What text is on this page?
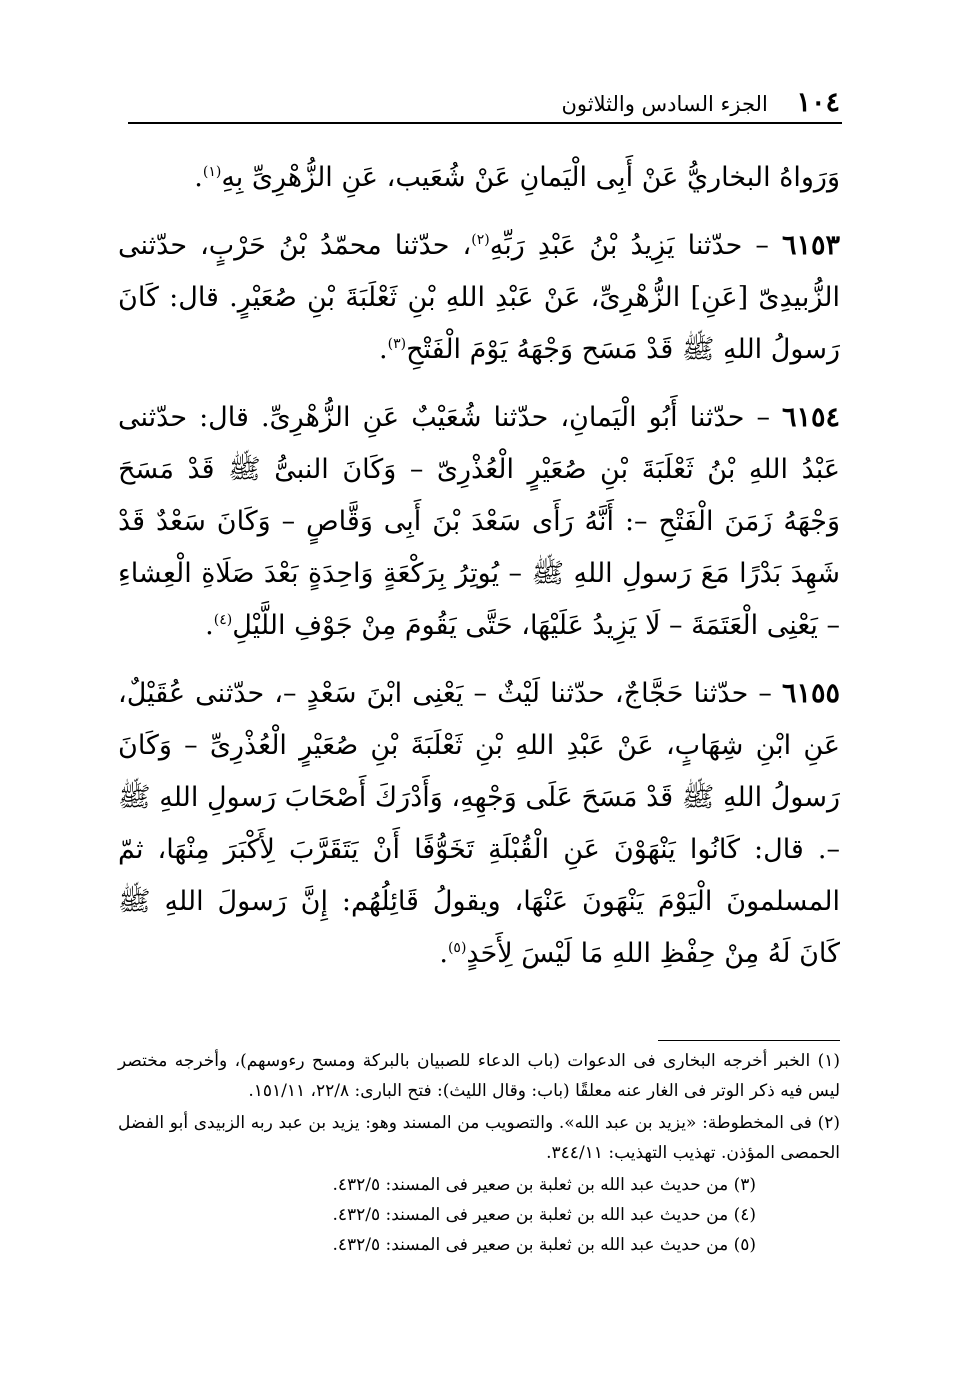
١٠٤ الجزء السادس والثلاثون

وَرَواهُ البخاريُّ عَنْ أَبِى الْيَمانِ عَنْ شُعَيب، عَنِ الزُّهْرِىِّ بِهِ$^{(١)}$.

٦١٥٣ – حدّثنا يَزِيدُ بْنُ عَبْدِ رَبِّهِ$^{(٢)}$، حدّثنا محمّدُ بْنُ حَرْبٍ، حدّثنى الزُّبيدِىّ [عَنِ] الزُّهْرِىِّ، عَنْ عَبْدِ اللهِ بْنِ ثَعْلَبَةَ بْنِ صُعَيْرٍ. قال: كَانَ رَسولُ اللهِ ﷺ قَدْ مَسَح وَجْهَهُ يَوْمَ الْفَتْحِ$^{(٣)}$.

٦١٥٤ – حدّثنا أَبُو الْيَمانِ، حدّثنا شُعَيْبٌ عَنِ الزُّهْرِىِّ. قال: حدّثنى عَبْدُ اللهِ بْنُ ثَعْلَبَةَ بْنِ صُعَيْرٍ الْعُذْرِىّ – وَكَانَ النبىُّ ﷺ قَدْ مَسَحَ وَجْهَهُ زَمَنَ الْفَتْحِ –: أَنَّهُ رَأَى سَعْدَ بْنَ أَبِى وَقَّاصٍ – وَكَانَ سَعْدٌ قَدْ شَهِدَ بَدْرًا مَعَ رَسولِ اللهِ ﷺ – يُوتِرُ بِرَكْعَةٍ وَاحِدَةٍ بَعْدَ صَلَاةِ الْعِشاءِ – يَعْنِى الْعَتَمَةَ – لَا يَزِيدُ عَلَيْهَا، حَتَّى يَقُومَ مِنْ جَوْفِ اللَّيْلِ$^{(٤)}$.

٦١٥٥ – حدّثنا حَجَّاجٌ، حدّثنا لَيْثٌ – يَعْنِى ابْنَ سَعْدٍ –، حدّثنى عُقَيْلٌ، عَنِ ابْنِ شِهَابٍ، عَنْ عَبْدِ اللهِ بْنِ ثَعْلَبَةَ بْنِ صُعَيْرٍ الْعُذْرِىِّ – وَكَانَ رَسولُ اللهِ ﷺ قَدْ مَسَحَ عَلَى وَجْهِهِ، وَأَدْرَكَ أَصْحَابَ رَسولِ اللهِ ﷺ –. قال: كَانُوا يَنْهَوْنَ عَنِ الْقُبْلَةِ تَخَوُّفًا أَنْ يَتَقَرَّبَ لِأَكْبَرَ مِنْهَا، ثمّ المسلمونَ الْيَوْمَ يَنْهَونَ عَنْهَا، ويقولُ قَائِلُهُم: إِنَّ رَسولَ اللهِ ﷺ كَانَ لَهُ مِنْ حِفْظِ اللهِ مَا لَيْسَ لِأَحَدٍ$^{(٥)}$.

(١) الخبر أخرجه البخارى فى الدعوات (باب الدعاء للصبيان بالبركة ومسح رءوسهم)، وأخرجه مختصر ليس فيه ذكر الوتر فى الغار عنه معلقًا (باب: وقال الليث): فتح البارى: ٢٢/٨، ١٥١/١١.

(٢) فى المخطوطة: «يزيد بن عبد الله». والتصويب من المسند وهو: يزيد بن عبد ربه الزبيدى أبو الفضل الحمصى المؤذن. تهذيب التهذيب: ٣٤٤/١١.

(٣) من حديث عبد الله بن ثعلبة بن صعير فى المسند: ٤٣٢/٥.

(٤) من حديث عبد الله بن ثعلبة بن صعير فى المسند: ٤٣٢/٥.

(٥) من حديث عبد الله بن ثعلبة بن صعير فى المسند: ٤٣٢/٥.
